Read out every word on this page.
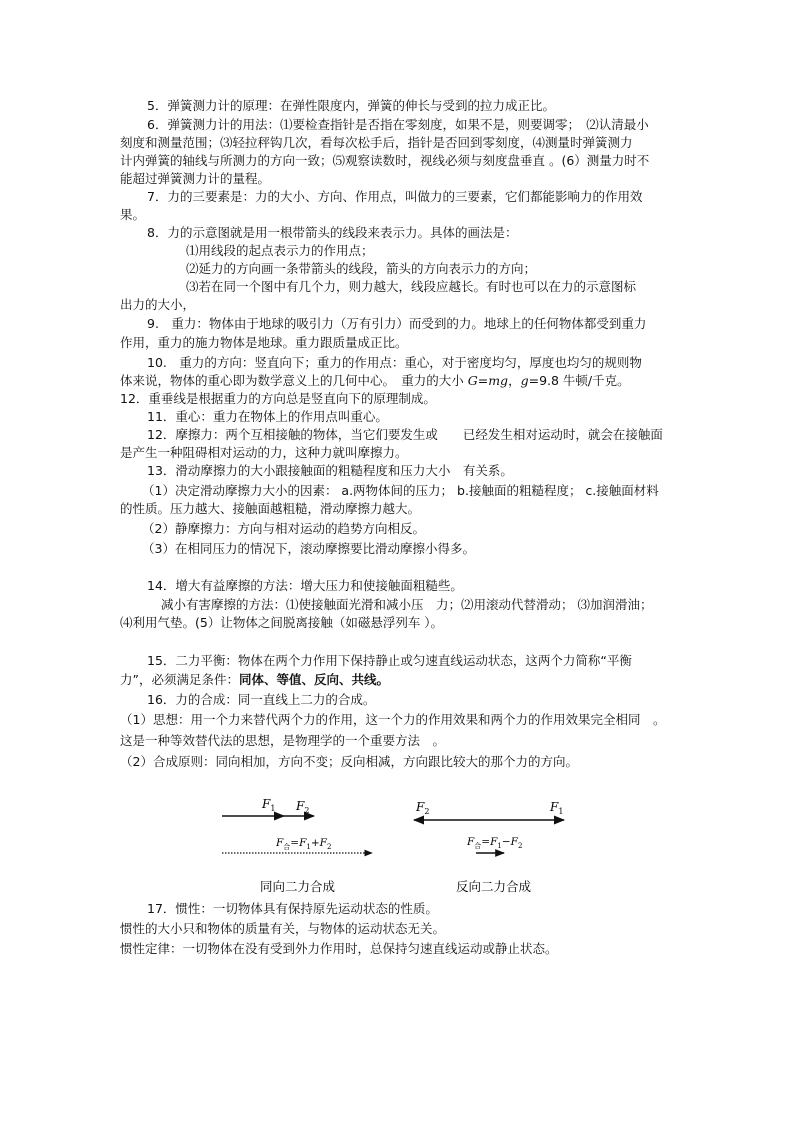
5．弹簧测力计的原理：在弹性限度内，弹簧的伸长与受到的拉力成正比。
6．弹簧测力计的用法：⑴要检查指针是否指在零刻度，如果不是，则要调零；　⑵认清最小
刻度和测量范围；⑶轻拉秤钩几次，看每次松手后，指针是否回到零刻度，⑷测量时弹簧测力
计内弹簧的轴线与所测力的方向一致；⑸观察读数时，视线必须与刻度盘垂直 。(6）测量力时不
能超过弹簧测力计的量程。
7．力的三要素是：力的大小、方向、作用点，叫做力的三要素，它们都能影响力的作用效
果。
8．力的示意图就是用一根带箭头的线段来表示力。具体的画法是：
⑴用线段的起点表示力的作用点；
⑵延力的方向画一条带箭头的线段，箭头的方向表示力的方向；
⑶若在同一个图中有几个力，则力越大，线段应越长。有时也可以在力的示意图标
出力的大小，
9.　重力：物体由于地球的吸引力（万有引力）而受到的力。地球上的任何物体都受到重力
作用，重力的施力物体是地球。重力跟质量成正比。
10.　重力的方向：竖直向下；重力的作用点：重心，对于密度均匀，厚度也均匀的规则物
体来说，物体的重心即为数学意义上的几何中心。　重力的大小 G=mg，g=9.8 牛顿/千克。
12．重垂线是根据重力的方向总是竖直向下的原理制成。
11．重心：重力在物体上的作用点叫重心。
12．摩擦力：两个互相接触的物体，当它们要发生或　　已经发生相对运动时，就会在接触面
是产生一种阻碍相对运动的力，这种力就叫摩擦力。
13．滑动摩擦力的大小跟接触面的粗糙程度和压力大小　有关系。
（1）决定滑动摩擦力大小的因素： a.两物体间的压力； b.接触面的粗糙程度； c.接触面材料
的性质。压力越大、接触面越粗糙，滑动摩擦力越大。
（2）静摩擦力：方向与相对运动的趋势方向相反。
（3）在相同压力的情况下，滚动摩擦要比滑动摩擦小得多。
14．增大有益摩擦的方法：增大压力和使接触面粗糙些。
减小有害摩擦的方法：⑴使接触面光滑和减小压　力；⑵用滚动代替滑动； ⑶加润滑油；
⑷利用气垫。(5）让物体之间脱离接触（如磁悬浮列车 ）。
15．二力平衡：物体在两个力作用下保持静止或匀速直线运动状态，这两个力简称“平衡
力”，必须满足条件：同体、等值、反向、共线。
16．力的合成：同一直线上二力的合成。
（1）思想：用一个力来替代两个力的作用，这一个力的作用效果和两个力的作用效果完全相同　。
这是一种等效替代法的思想，是物理学的一个重要方法　。
（2）合成原则：同向相加，方向不变；反向相减，方向跟比较大的那个力的方向。
$F_1$ $F_2$
$F_合=F_1+F_2$
同向二力合成
$F_2$	$F_1$
$F_合=F_1-F_2$
反向二力合成
17．惯性：一切物体具有保持原先运动状态的性质。
惯性的大小只和物体的质量有关，与物体的运动状态无关。
惯性定律：一切物体在没有受到外力作用时，总保持匀速直线运动或静止状态。
